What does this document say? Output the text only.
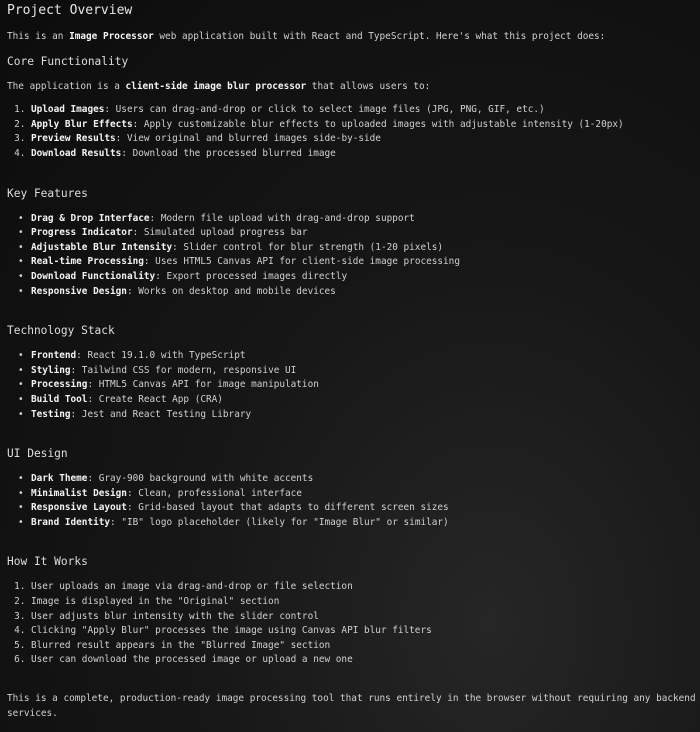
Project Overview

This is an Image Processor web application built with React and TypeScript. Here's what this project does:

Core Functionality

The application is a client-side image blur processor that allows users to:

1. Upload Images: Users can drag-and-drop or click to select image files (JPG, PNG, GIF, etc.)
2. Apply Blur Effects: Apply customizable blur effects to uploaded images with adjustable intensity (1-20px)
3. Preview Results: View original and blurred images side-by-side
4. Download Results: Download the processed blurred image
Key Features
• Drag & Drop Interface: Modern file upload with drag-and-drop support
• Progress Indicator: Simulated upload progress bar
• Adjustable Blur Intensity: Slider control for blur strength (1-20 pixels)
• Real-time Processing: Uses HTML5 Canvas API for client-side image processing
• Download Functionality: Export processed images directly
• Responsive Design: Works on desktop and mobile devices
Technology Stack
• Frontend: React 19.1.0 with TypeScript
• Styling: Tailwind CSS for modern, responsive UI
• Processing: HTML5 Canvas API for image manipulation
• Build Tool: Create React App (CRA)
• Testing: Jest and React Testing Library
UI Design
• Dark Theme: Gray-900 background with white accents
• Minimalist Design: Clean, professional interface
• Responsive Layout: Grid-based layout that adapts to different screen sizes
• Brand Identity: "IB" logo placeholder (likely for "Image Blur" or similar)
How It Works
1. User uploads an image via drag-and-drop or file selection
2. Image is displayed in the "Original" section
3. User adjusts blur intensity with the slider control
4. Clicking "Apply Blur" processes the image using Canvas API blur filters
5. Blurred result appears in the "Blurred Image" section
6. User can download the processed image or upload a new one

This is a complete, production-ready image processing tool that runs entirely in the browser without requiring any backend services.
